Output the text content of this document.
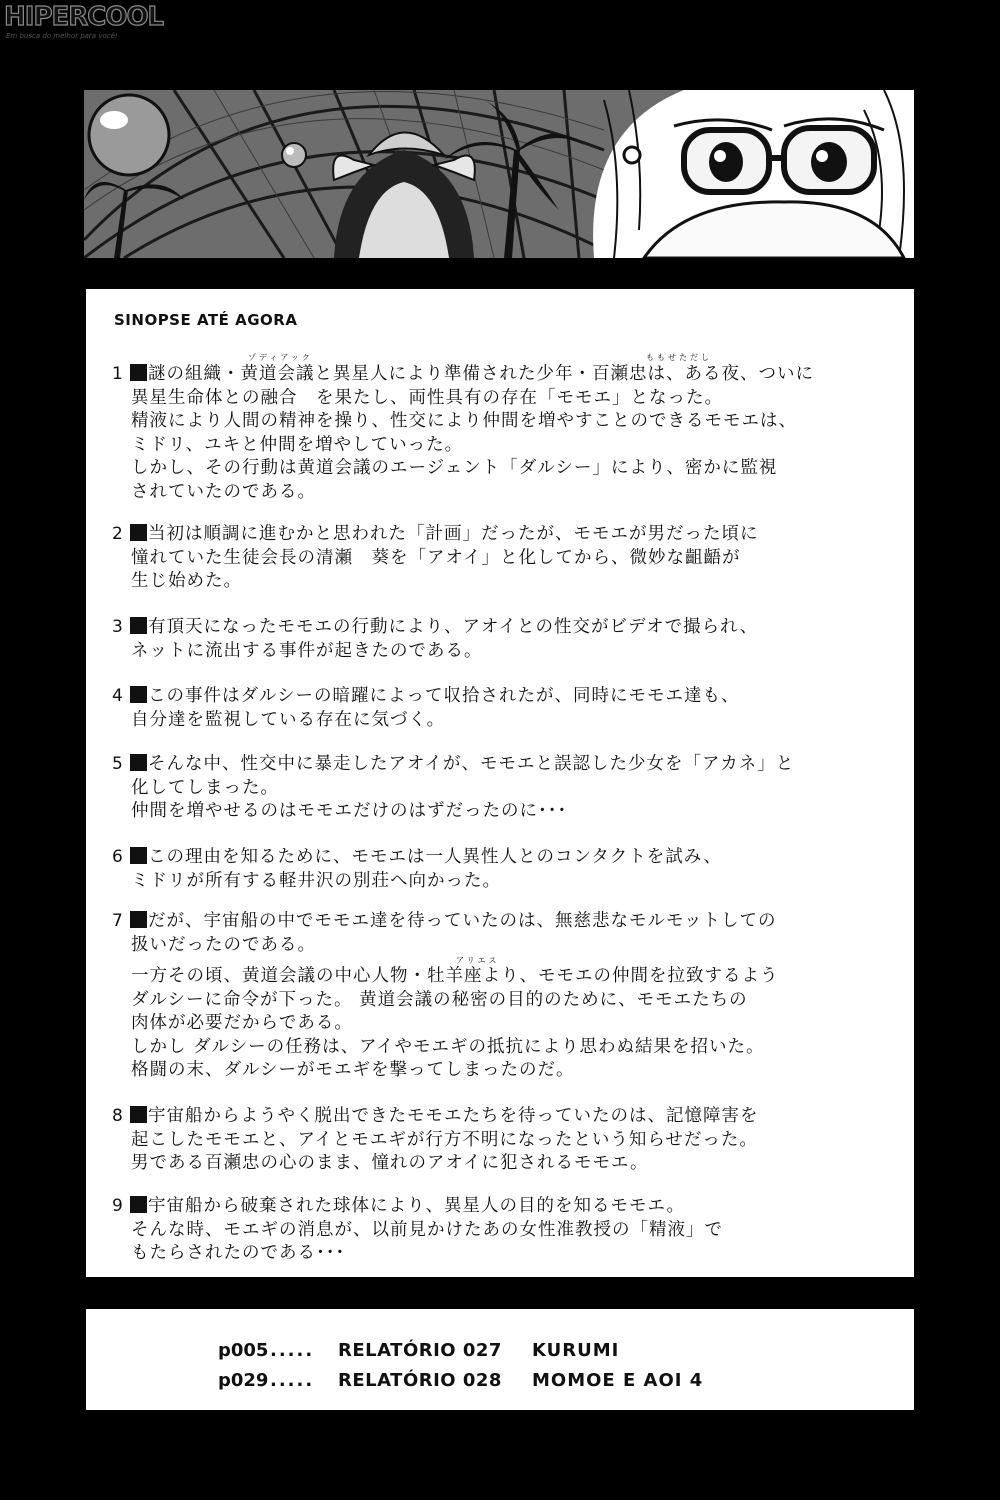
HIPERCOOL
Em busca do melhor para você!
SINOPSE ATÉ AGORA
ゾディアック	ももせただし
アリエス
1 謎の組織・黄道会議と異星人により準備された少年・百瀬忠は、ある夜、ついに
異星生命体との融合　を果たし、両性具有の存在「モモエ」となった。
精液により人間の精神を操り、性交により仲間を増やすことのできるモモエは、
ミドリ、ユキと仲間を増やしていった。
しかし、その行動は黄道会議のエージェント「ダルシー」により、密かに監視
されていたのである。
2 当初は順調に進むかと思われた「計画」だったが、モモエが男だった頃に
憧れていた生徒会長の清瀬　葵を「アオイ」と化してから、微妙な齟齬が
生じ始めた。
3 有頂天になったモモエの行動により、アオイとの性交がビデオで撮られ、
ネットに流出する事件が起きたのである。
4 この事件はダルシーの暗躍によって収拾されたが、同時にモモエ達も、
自分達を監視している存在に気づく。
5 そんな中、性交中に暴走したアオイが、モモエと誤認した少女を「アカネ」と
化してしまった。
仲間を増やせるのはモモエだけのはずだったのに･･･
6 この理由を知るために、モモエは一人異性人とのコンタクトを試み、
ミドリが所有する軽井沢の別荘へ向かった。
7 だが、宇宙船の中でモモエ達を待っていたのは、無慈悲なモルモットしての
扱いだったのである。
一方その頃、黄道会議の中心人物・牡羊座より、モモエの仲間を拉致するよう
ダルシーに命令が下った。 黄道会議の秘密の目的のために、モモエたちの
肉体が必要だからである。
しかし ダルシーの任務は、アイやモエギの抵抗により思わぬ結果を招いた。
格闘の末、ダルシーがモエギを撃ってしまったのだ。
8 宇宙船からようやく脱出できたモモエたちを待っていたのは、記憶障害を
起こしたモモエと、アイとモエギが行方不明になったという知らせだった。
男である百瀬忠の心のまま、憧れのアオイに犯されるモモエ。
9 宇宙船から破棄された球体により、異星人の目的を知るモモエ。
そんな時、モエギの消息が、以前見かけたあの女性准教授の「精液」で
もたらされたのである･･･
p005..... RELATÓRIO 027 KURUMI
p029..... RELATÓRIO 028 MOMOE E AOI 4
